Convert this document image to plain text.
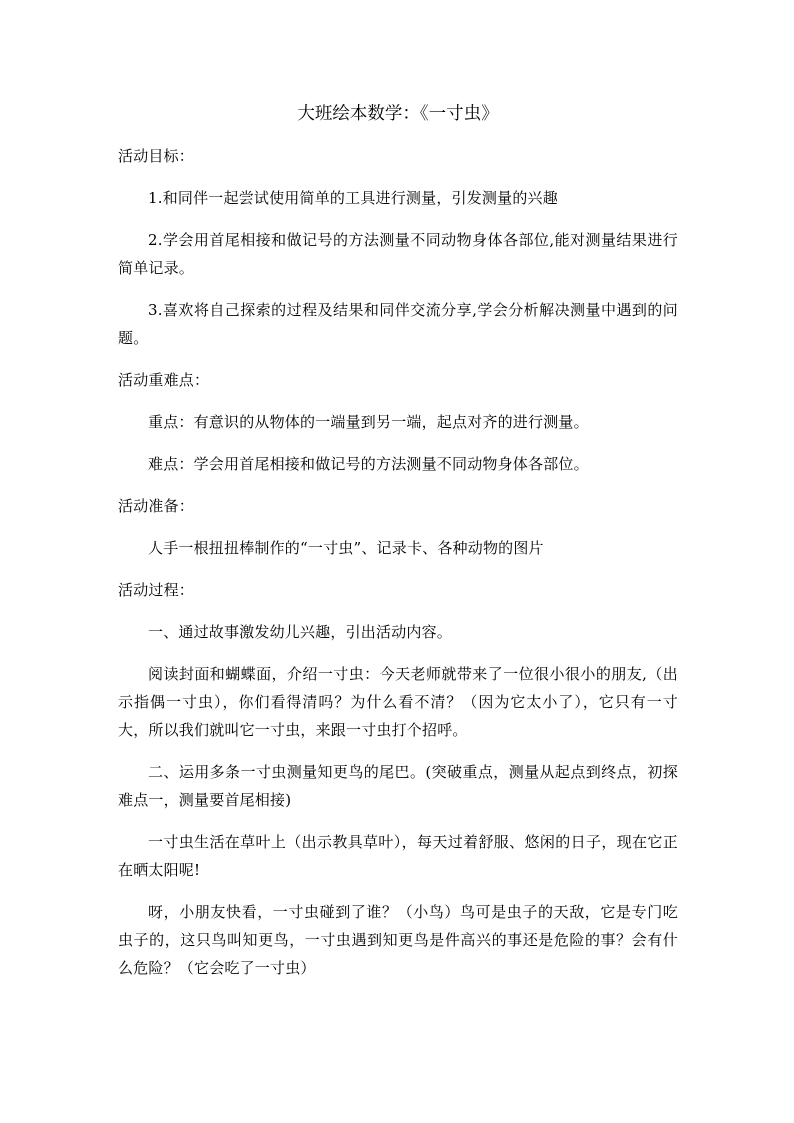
大班绘本数学：《一寸虫》
活动目标：
1.和同伴一起尝试使用简单的工具进行测量，引发测量的兴趣
2.学会用首尾相接和做记号的方法测量不同动物身体各部位,能对测量结果进行简单记录。
3.喜欢将自己探索的过程及结果和同伴交流分享,学会分析解决测量中遇到的问题。
活动重难点：
重点：有意识的从物体的一端量到另一端，起点对齐的进行测量。
难点：学会用首尾相接和做记号的方法测量不同动物身体各部位。
活动准备：
人手一根扭扭棒制作的“一寸虫”、记录卡、各种动物的图片
活动过程：
一、通过故事激发幼儿兴趣，引出活动内容。
阅读封面和蝴蝶面，介绍一寸虫：今天老师就带来了一位很小很小的朋友,（出示指偶一寸虫），你们看得清吗？为什么看不清？（因为它太小了），它只有一寸大，所以我们就叫它一寸虫，来跟一寸虫打个招呼。
二、运用多条一寸虫测量知更鸟的尾巴。(突破重点，测量从起点到终点，初探难点一，测量要首尾相接)
一寸虫生活在草叶上（出示教具草叶），每天过着舒服、悠闲的日子，现在它正在晒太阳呢!
呀，小朋友快看，一寸虫碰到了谁？（小鸟）鸟可是虫子的天敌，它是专门吃虫子的，这只鸟叫知更鸟，一寸虫遇到知更鸟是件高兴的事还是危险的事？会有什么危险？（它会吃了一寸虫）
